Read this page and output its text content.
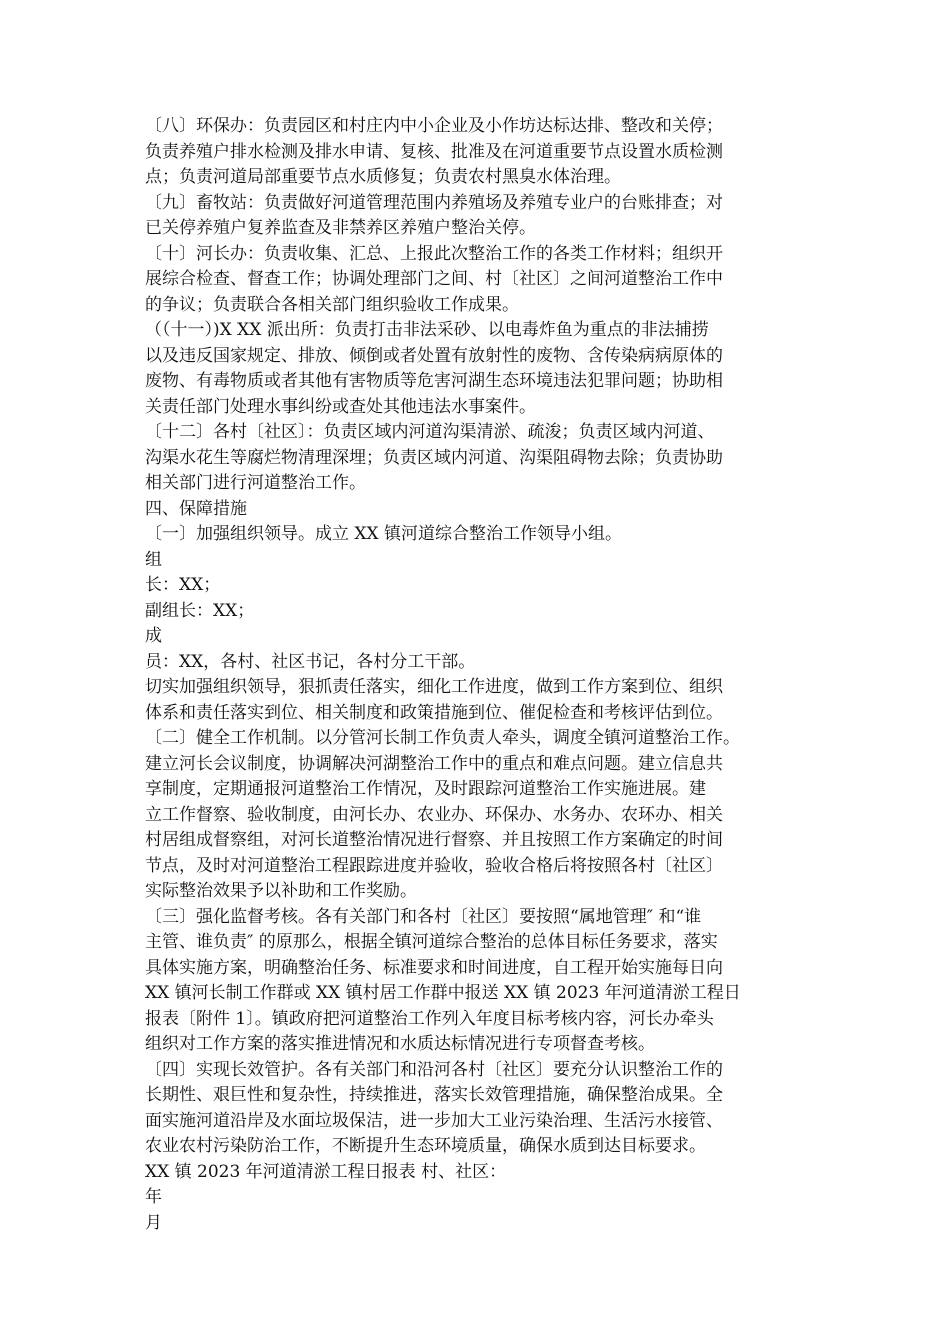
〔八〕环保办：负责园区和村庄内中小企业及小作坊达标达排、整改和关停；
负责养殖户排水检测及排水申请、复核、批准及在河道重要节点设置水质检测
点；负责河道局部重要节点水质修复；负责农村黑臭水体治理。
〔九〕畜牧站：负责做好河道管理范围内养殖场及养殖专业户的台账排查；对
已关停养殖户复养监查及非禁养区养殖户整治关停。
〔十〕河长办：负责收集、汇总、上报此次整治工作的各类工作材料；组织开
展综合检查、督查工作；协调处理部门之间、村〔社区〕之间河道整治工作中
的争议；负责联合各相关部门组织验收工作成果。
（（十一）)X XX 派出所：负责打击非法采砂、以电毒炸鱼为重点的非法捕捞
以及违反国家规定、排放、倾倒或者处置有放射性的废物、含传染病病原体的
废物、有毒物质或者其他有害物质等危害河湖生态环境违法犯罪问题；协助相
关责任部门处理水事纠纷或查处其他违法水事案件。
〔十二〕各村〔社区〕：负责区域内河道沟渠清淤、疏浚；负责区域内河道、
沟渠水花生等腐烂物清理深埋；负责区域内河道、沟渠阻碍物去除；负责协助
相关部门进行河道整治工作。
四、保障措施
〔一〕加强组织领导。成立 XX 镇河道综合整治工作领导小组。
组
长：XX；
副组长：XX；
成
员：XX，各村、社区书记，各村分工干部。
切实加强组织领导，狠抓责任落实，细化工作进度，做到工作方案到位、组织
体系和责任落实到位、相关制度和政策措施到位、催促检查和考核评估到位。
〔二〕健全工作机制。以分管河长制工作负责人牵头，调度全镇河道整治工作。
建立河长会议制度，协调解决河湖整治工作中的重点和难点问题。建立信息共
享制度，定期通报河道整治工作情况，及时跟踪河道整治工作实施进展。建
立工作督察、验收制度，由河长办、农业办、环保办、水务办、农环办、相关
村居组成督察组，对河长道整治情况进行督察、并且按照工作方案确定的时间
节点，及时对河道整治工程跟踪进度并验收，验收合格后将按照各村〔社区〕
实际整治效果予以补助和工作奖励。
〔三〕强化监督考核。各有关部门和各村〔社区〕要按照“属地管理″ 和“谁
主管、谁负责″ 的原那么，根据全镇河道综合整治的总体目标任务要求，落实
具体实施方案，明确整治任务、标准要求和时间进度，自工程开始实施每日向
XX 镇河长制工作群或 XX 镇村居工作群中报送 XX 镇 2023 年河道清淤工程日
报表〔附件 1〕。镇政府把河道整治工作列入年度目标考核内容，河长办牵头
组织对工作方案的落实推进情况和水质达标情况进行专项督查考核。
〔四〕实现长效管护。各有关部门和沿河各村〔社区〕要充分认识整治工作的
长期性、艰巨性和复杂性，持续推进，落实长效管理措施，确保整治成果。全
面实施河道沿岸及水面垃圾保洁，进一步加大工业污染治理、生活污水接管、
农业农村污染防治工作，不断提升生态环境质量，确保水质到达目标要求。
XX 镇 2023 年河道清淤工程日报表 村、社区：
年
月
